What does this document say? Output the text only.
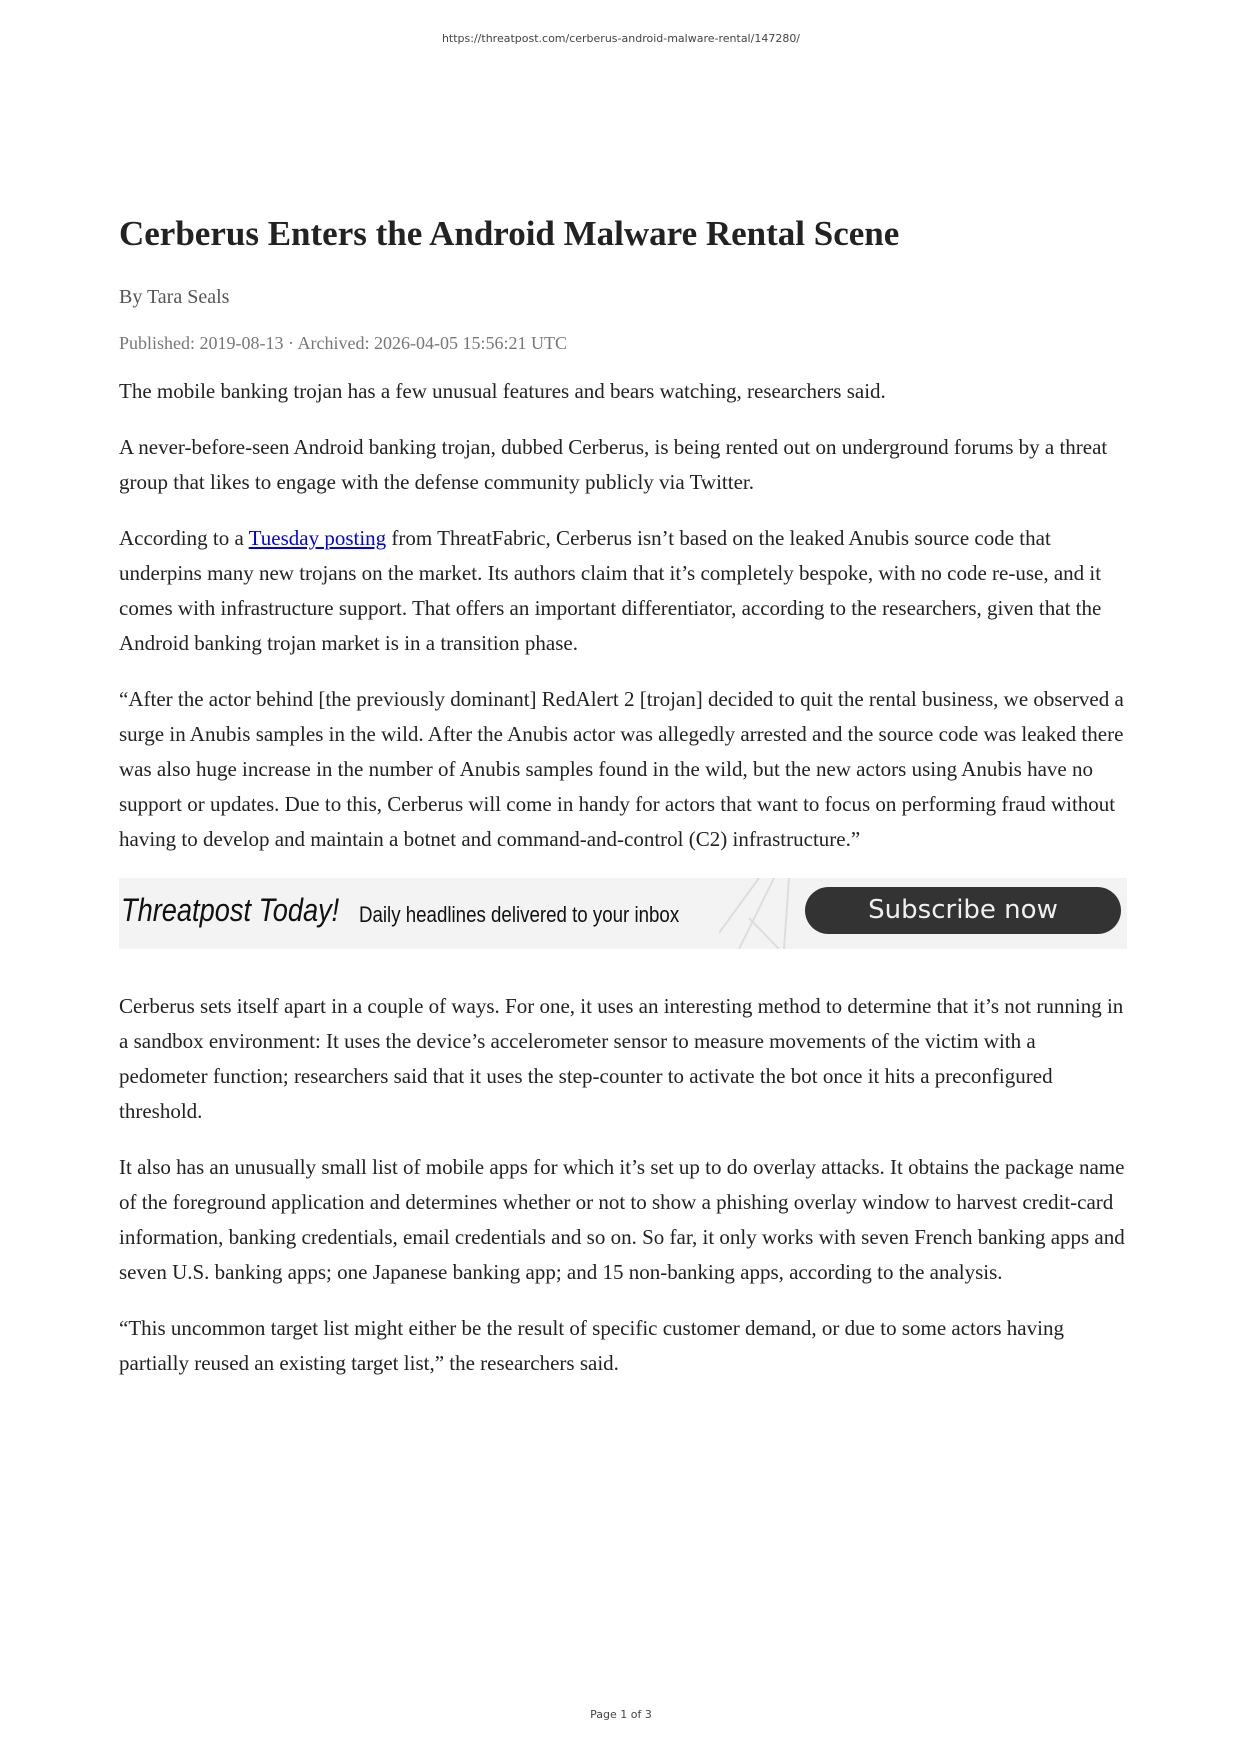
https://threatpost.com/cerberus-android-malware-rental/147280/
Cerberus Enters the Android Malware Rental Scene
By Tara Seals
Published: 2019-08-13 · Archived: 2026-04-05 15:56:21 UTC

The mobile banking trojan has a few unusual features and bears watching, researchers said.

A never-before-seen Android banking trojan, dubbed Cerberus, is being rented out on underground forums by a threat group that likes to engage with the defense community publicly via Twitter.

According to a Tuesday posting from ThreatFabric, Cerberus isn’t based on the leaked Anubis source code that underpins many new trojans on the market. Its authors claim that it’s completely bespoke, with no code re-use, and it comes with infrastructure support. That offers an important differentiator, according to the researchers, given that the Android banking trojan market is in a transition phase.

“After the actor behind [the previously dominant] RedAlert 2 [trojan] decided to quit the rental business, we observed a surge in Anubis samples in the wild. After the Anubis actor was allegedly arrested and the source code was leaked there was also huge increase in the number of Anubis samples found in the wild, but the new actors using Anubis have no support or updates. Due to this, Cerberus will come in handy for actors that want to focus on performing fraud without having to develop and maintain a botnet and command-and-control (C2) infrastructure.”

Threatpost Today! Daily headlines delivered to your inbox	Subscribe now

Cerberus sets itself apart in a couple of ways. For one, it uses an interesting method to determine that it’s not running in a sandbox environment: It uses the device’s accelerometer sensor to measure movements of the victim with a pedometer function; researchers said that it uses the step-counter to activate the bot once it hits a preconfigured threshold.

It also has an unusually small list of mobile apps for which it’s set up to do overlay attacks. It obtains the package name of the foreground application and determines whether or not to show a phishing overlay window to harvest credit-card information, banking credentials, email credentials and so on. So far, it only works with seven French banking apps and seven U.S. banking apps; one Japanese banking app; and 15 non-banking apps, according to the analysis.

“This uncommon target list might either be the result of specific customer demand, or due to some actors having partially reused an existing target list,” the researchers said.

Page 1 of 3
